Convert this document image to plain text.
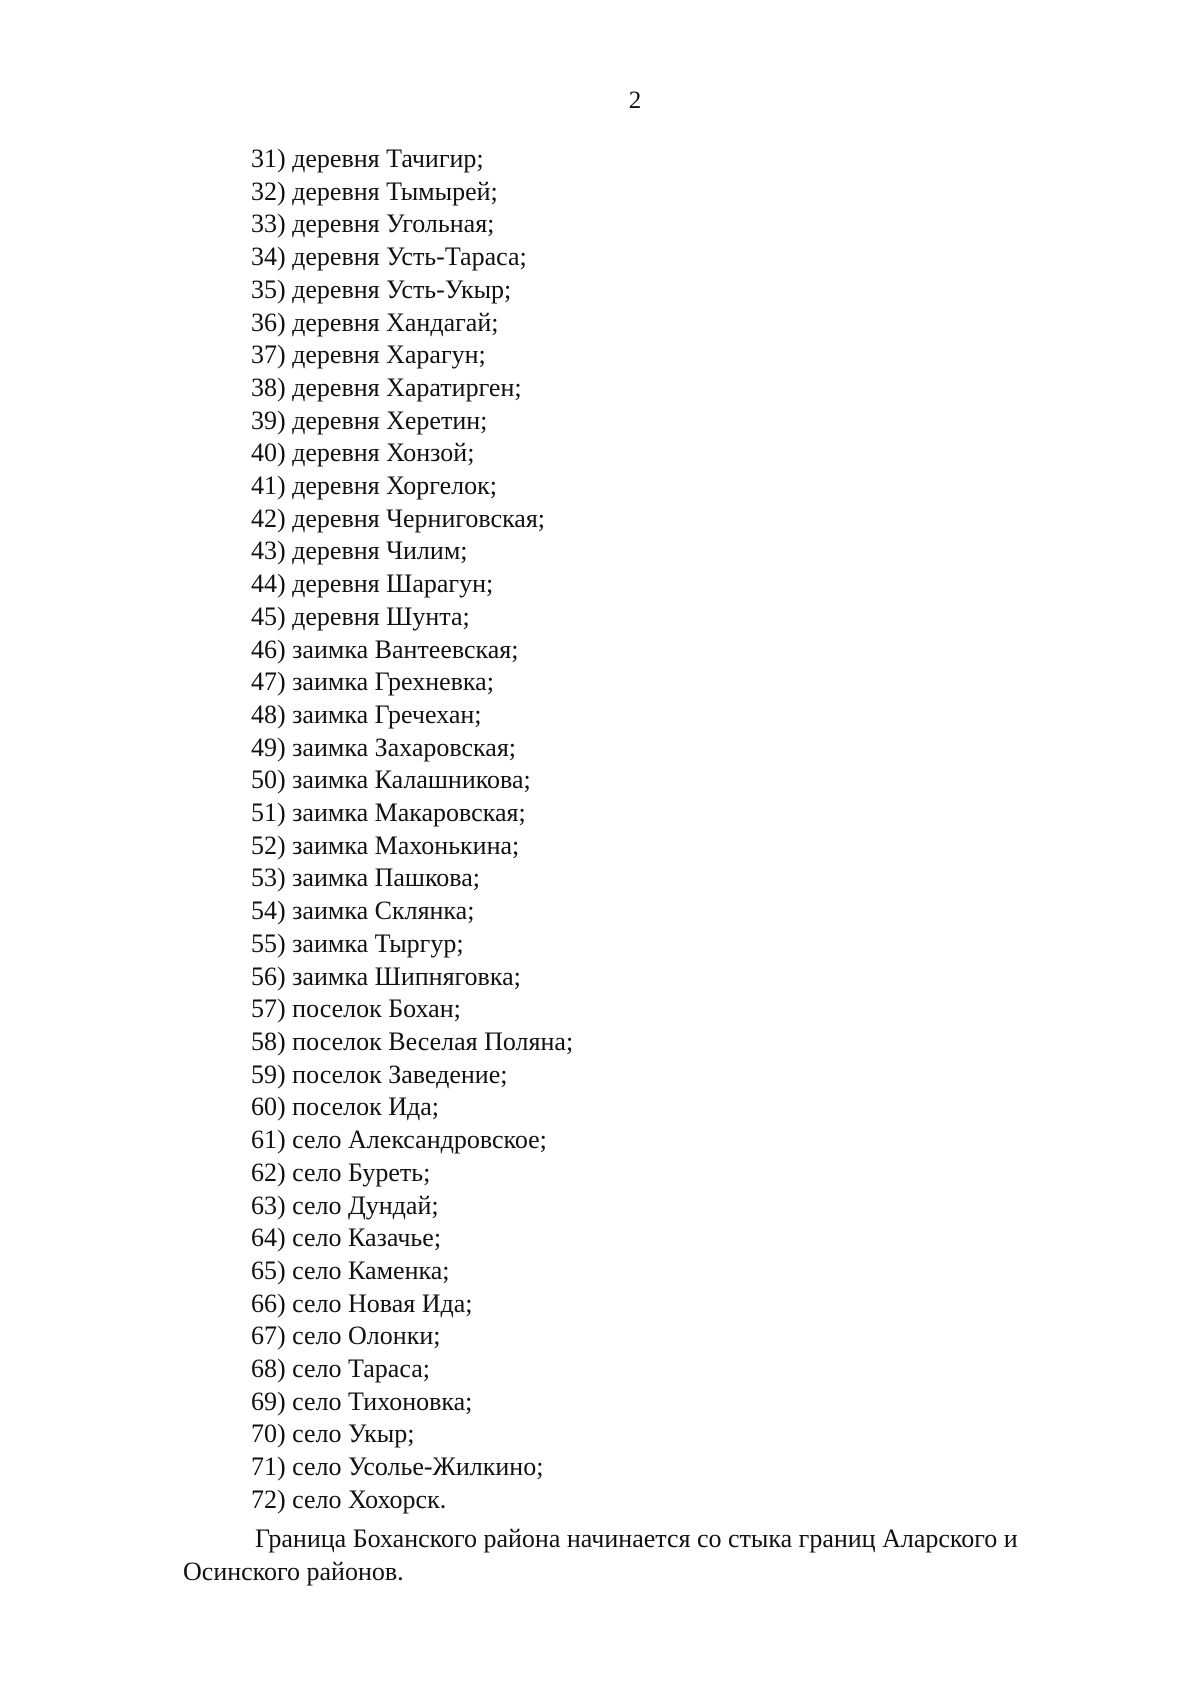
2
31) деревня Тачигир;
32) деревня Тымырей;
33) деревня Угольная;
34) деревня Усть-Тараса;
35) деревня Усть-Укыр;
36) деревня Хандагай;
37) деревня Харагун;
38) деревня Харатирген;
39) деревня Херетин;
40) деревня Хонзой;
41) деревня Хоргелок;
42) деревня Черниговская;
43) деревня Чилим;
44) деревня Шарагун;
45) деревня Шунта;
46) заимка Вантеевская;
47) заимка Грехневка;
48) заимка Гречехан;
49) заимка Захаровская;
50) заимка Калашникова;
51) заимка Макаровская;
52) заимка Махонькина;
53) заимка Пашкова;
54) заимка Склянка;
55) заимка Тыргур;
56) заимка Шипняговка;
57) поселок Бохан;
58) поселок Веселая Поляна;
59) поселок Заведение;
60) поселок Ида;
61) село Александровское;
62) село Буреть;
63) село Дундай;
64) село Казачье;
65) село Каменка;
66) село Новая Ида;
67) село Олонки;
68) село Тараса;
69) село Тихоновка;
70) село Укыр;
71) село Усолье-Жилкино;
72) село Хохорск.

Граница Боханского района начинается со стыка границ Аларского и Осинского районов.
